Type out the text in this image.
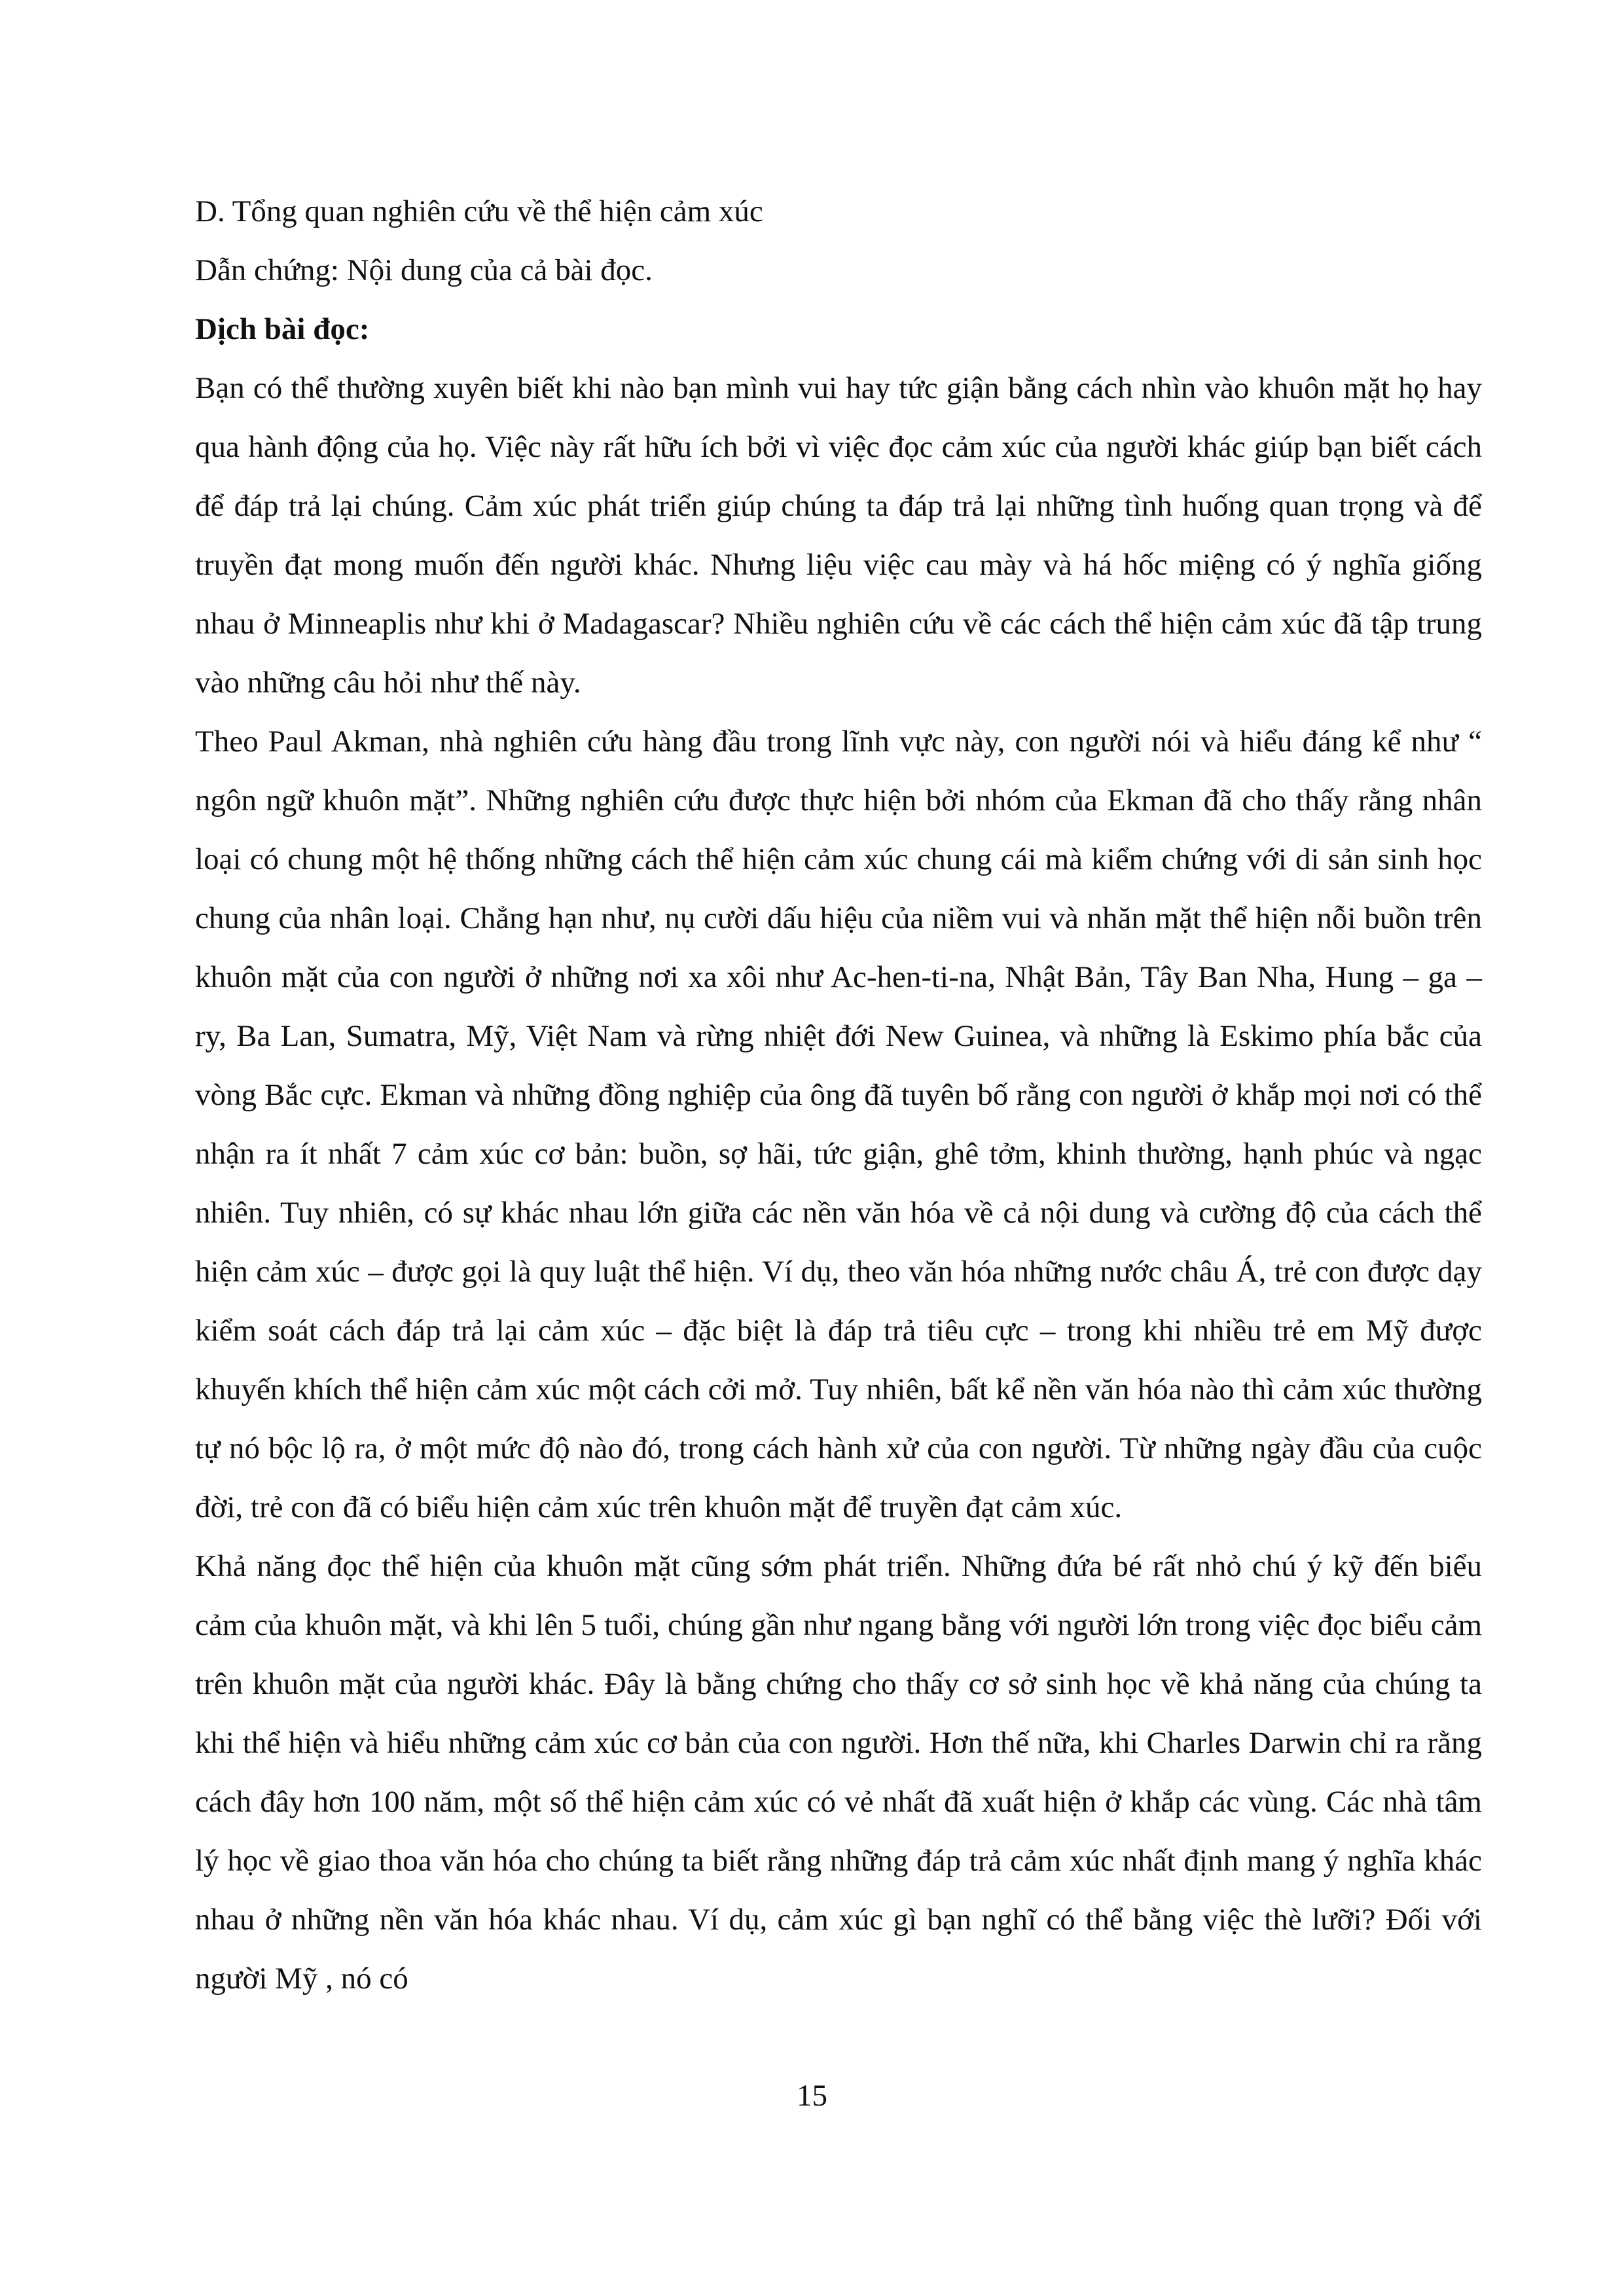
D. Tổng quan nghiên cứu về thể hiện cảm xúc

Dẫn chứng: Nội dung của cả bài đọc.

Dịch bài đọc:

Bạn có thể thường xuyên biết khi nào bạn mình vui hay tức giận bằng cách nhìn vào khuôn mặt họ hay qua hành động của họ. Việc này rất hữu ích bởi vì việc đọc cảm xúc của người khác giúp bạn biết cách để đáp trả lại chúng. Cảm xúc phát triển giúp chúng ta đáp trả lại những tình huống quan trọng và để truyền đạt mong muốn đến người khác. Nhưng liệu việc cau mày và há hốc miệng có ý nghĩa giống nhau ở Minneaplis như khi ở Madagascar? Nhiều nghiên cứu về các cách thể hiện cảm xúc đã tập trung vào những câu hỏi như thế này.

Theo Paul Akman, nhà nghiên cứu hàng đầu trong lĩnh vực này, con người nói và hiểu đáng kể như “ ngôn ngữ khuôn mặt”. Những nghiên cứu được thực hiện bởi nhóm của Ekman đã cho thấy rằng nhân loại có chung một hệ thống những cách thể hiện cảm xúc chung cái mà kiểm chứng với di sản sinh học chung của nhân loại. Chẳng hạn như, nụ cười dấu hiệu của niềm vui và nhăn mặt thể hiện nỗi buồn trên khuôn mặt của con người ở những nơi xa xôi như Ac-hen-ti-na, Nhật Bản, Tây Ban Nha, Hung – ga – ry, Ba Lan, Sumatra, Mỹ, Việt Nam và rừng nhiệt đới New Guinea, và những là Eskimo phía bắc của vòng Bắc cực. Ekman và những đồng nghiệp của ông đã tuyên bố rằng con người ở khắp mọi nơi có thể nhận ra ít nhất 7 cảm xúc cơ bản: buồn, sợ hãi, tức giận, ghê tởm, khinh thường, hạnh phúc và ngạc nhiên. Tuy nhiên, có sự khác nhau lớn giữa các nền văn hóa về cả nội dung và cường độ của cách thể hiện cảm xúc – được gọi là quy luật thể hiện. Ví dụ, theo văn hóa những nước châu Á, trẻ con được dạy kiểm soát cách đáp trả lại cảm xúc – đặc biệt là đáp trả tiêu cực – trong khi nhiều trẻ em Mỹ được khuyến khích thể hiện cảm xúc một cách cởi mở. Tuy nhiên, bất kể nền văn hóa nào thì cảm xúc thường tự nó bộc lộ ra, ở một mức độ nào đó, trong cách hành xử của con người. Từ những ngày đầu của cuộc đời, trẻ con đã có biểu hiện cảm xúc trên khuôn mặt để truyền đạt cảm xúc.

Khả năng đọc thể hiện của khuôn mặt cũng sớm phát triển. Những đứa bé rất nhỏ chú ý kỹ đến biểu cảm của khuôn mặt, và khi lên 5 tuổi, chúng gần như ngang bằng với người lớn trong việc đọc biểu cảm trên khuôn mặt của người khác. Đây là bằng chứng cho thấy cơ sở sinh học về khả năng của chúng ta khi thể hiện và hiểu những cảm xúc cơ bản của con người. Hơn thế nữa, khi Charles Darwin chỉ ra rằng cách đây hơn 100 năm, một số thể hiện cảm xúc có vẻ nhất đã xuất hiện ở khắp các vùng. Các nhà tâm lý học về giao thoa văn hóa cho chúng ta biết rằng những đáp trả cảm xúc nhất định mang ý nghĩa khác nhau ở những nền văn hóa khác nhau. Ví dụ, cảm xúc gì bạn nghĩ có thể bằng việc thè lưỡi? Đối với người Mỹ , nó có

15
